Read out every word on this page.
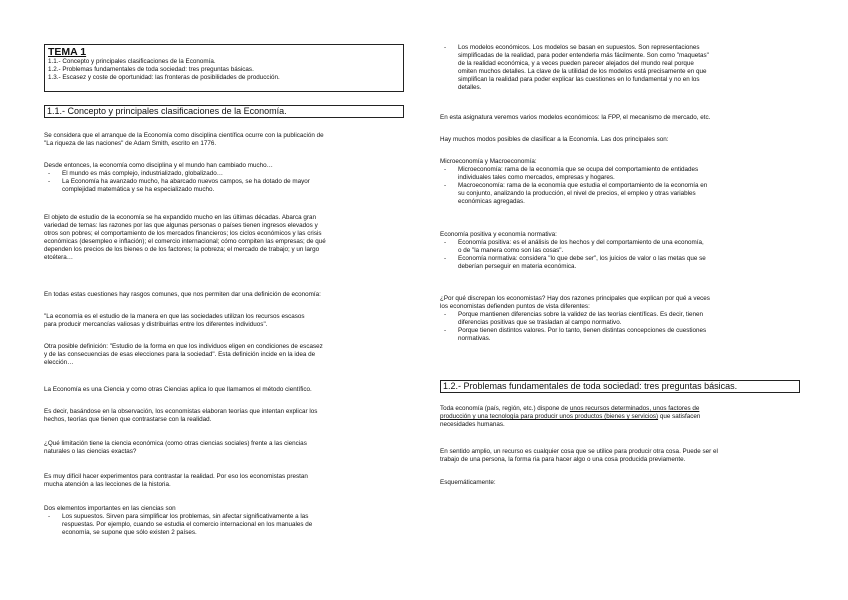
TEMA 1
1.1.- Concepto y principales clasificaciones de la Economía.
1.2.- Problemas fundamentales de toda sociedad: tres preguntas básicas.
1.3.- Escasez y coste de oportunidad: las fronteras de posibilidades de producción.
1.1.- Concepto y principales clasificaciones de la Economía.
Se considera que el arranque de la Economía como disciplina científica ocurre con la publicación de
"La riqueza de las naciones" de Adam Smith, escrito en 1776.
Desde entonces, la economía como disciplina y el mundo han cambiado mucho…
- El mundo es más complejo, industrializado, globalizado…
- La Economía ha avanzado mucho, ha abarcado nuevos campos, se ha dotado de mayor
complejidad matemática y se ha especializado mucho.
El objeto de estudio de la economía se ha expandido mucho en las últimas décadas. Abarca gran
variedad de temas: las razones por las que algunas personas o países tienen ingresos elevados y
otros son pobres; el comportamiento de los mercados financieros; los ciclos económicos y las crisis
económicas (desempleo e inflación); el comercio internacional; cómo compiten las empresas; de qué
dependen los precios de los bienes o de los factores; la pobreza; el mercado de trabajo; y un largo
etcétera…
En todas estas cuestiones hay rasgos comunes, que nos permiten dar una definición de economía:
"La economía es el estudio de la manera en que las sociedades utilizan los recursos escasos
para producir mercancías valiosas y distribuirlas entre los diferentes individuos".
Otra posible definición: "Estudio de la forma en que los individuos eligen en condiciones de escasez
y de las consecuencias de esas elecciones para la sociedad". Esta definición incide en la idea de
elección…
La Economía es una Ciencia y como otras Ciencias aplica lo que llamamos el método científico.
Es decir, basándose en la observación, los economistas elaboran teorías que intentan explicar los
hechos, teorías que tienen que contrastarse con la realidad.
¿Qué limitación tiene la ciencia económica (como otras ciencias sociales) frente a las ciencias
naturales o las ciencias exactas?
Es muy difícil hacer experimentos para contrastar la realidad. Por eso los economistas prestan
mucha atención a las lecciones de la historia.
Dos elementos importantes en las ciencias son
- Los supuestos. Sirven para simplificar los problemas, sin afectar significativamente a las
respuestas. Por ejemplo, cuando se estudia el comercio internacional en los manuales de
economía, se supone que sólo existen 2 países.
- Los modelos económicos. Los modelos se basan en supuestos. Son representaciones
simplificadas de la realidad, para poder entenderla más fácilmente. Son como "maquetas"
de la realidad económica, y a veces pueden parecer alejados del mundo real porque
omiten muchos detalles. La clave de la utilidad de los modelos está precisamente en que
simplifican la realidad para poder explicar las cuestiones en lo fundamental y no en los
detalles.
En esta asignatura veremos varios modelos económicos: la FPP, el mecanismo de mercado, etc.
Hay muchos modos posibles de clasificar a la Economía. Las dos principales son:
Microeconomía y Macroeconomía:
- Microeconomía: rama de la economía que se ocupa del comportamiento de entidades
individuales tales como mercados, empresas y hogares.
- Macroeconomía: rama de la economía que estudia el comportamiento de la economía en
su conjunto, analizando la producción, el nivel de precios, el empleo y otras variables
económicas agregadas.
Economía positiva y economía normativa:
- Economía positiva: es el análisis de los hechos y del comportamiento de una economía,
o de "la manera como son las cosas".
- Economía normativa: considera "lo que debe ser", los juicios de valor o las metas que se
deberían perseguir en materia económica.
¿Por qué discrepan los economistas? Hay dos razones principales que explican por qué a veces
los economistas defienden puntos de vista diferentes:
- Porque mantienen diferencias sobre la validez de las teorías científicas. Es decir, tienen
diferencias positivas que se trasladan al campo normativo.
- Porque tienen distintos valores. Por lo tanto, tienen distintas concepciones de cuestiones
normativas.
1.2.- Problemas fundamentales de toda sociedad: tres preguntas básicas.
Toda economía (país, región, etc.) dispone de unos recursos determinados, unos factores de
producción y una tecnología para producir unos productos (bienes y servicios) que satisfacen
necesidades humanas.
En sentido amplio, un recurso es cualquier cosa que se utilice para producir otra cosa. Puede ser el
trabajo de una persona, la forma ria para hacer algo o una cosa producida previamente.
Esquemáticamente:
